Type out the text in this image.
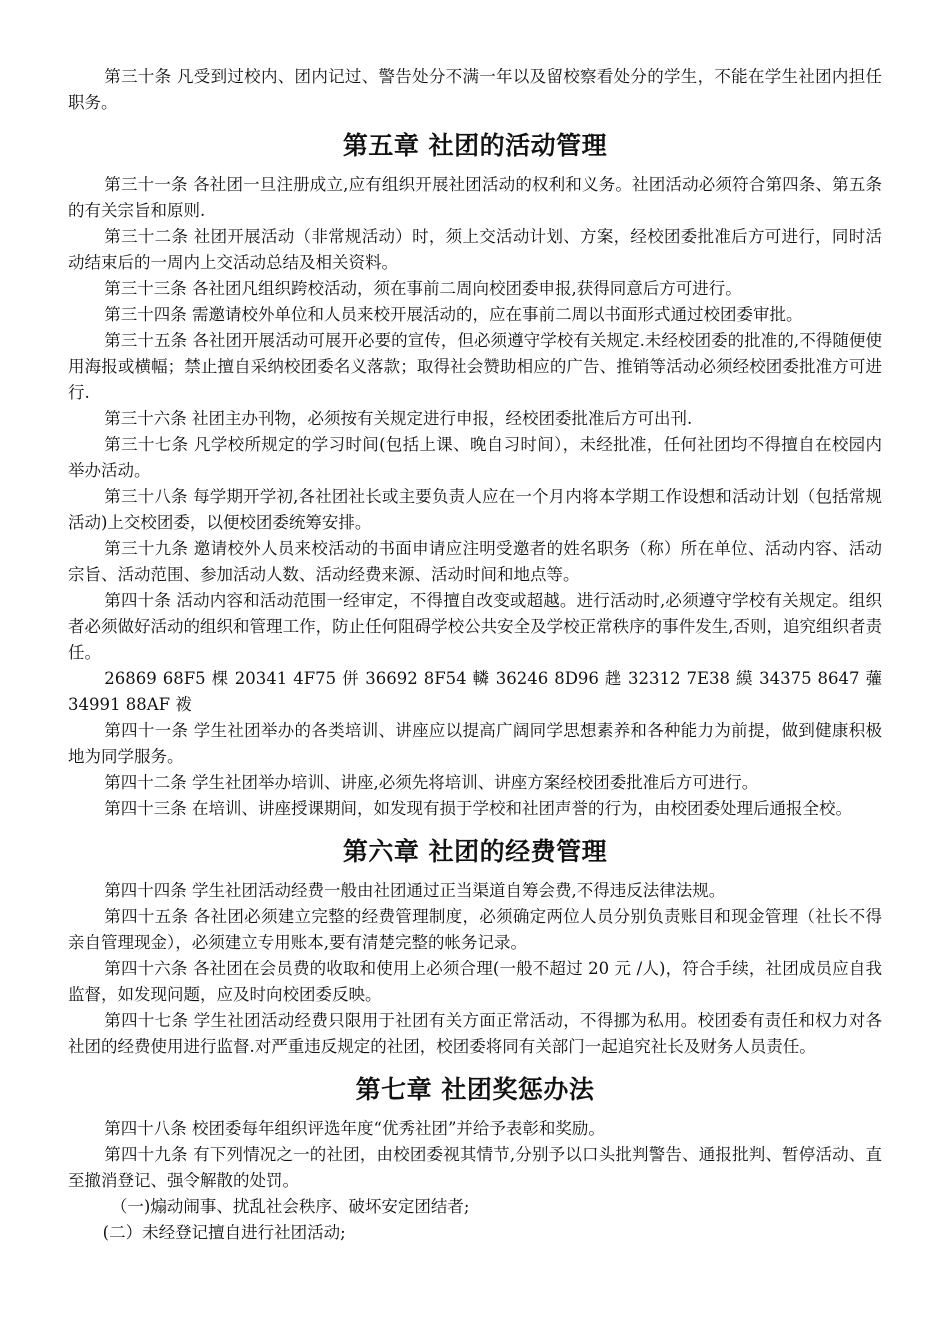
第三十条 凡受到过校内、团内记过、警告处分不满一年以及留校察看处分的学生，不能在学生社团内担任职务。

第五章 社团的活动管理

第三十一条 各社团一旦注册成立,应有组织开展社团活动的权利和义务。社团活动必须符合第四条、第五条的有关宗旨和原则.

第三十二条 社团开展活动（非常规活动）时，须上交活动计划、方案，经校团委批准后方可进行，同时活动结束后的一周内上交活动总结及相关资料。

第三十三条 各社团凡组织跨校活动，须在事前二周向校团委申报,获得同意后方可进行。

第三十四条 需邀请校外单位和人员来校开展活动的，应在事前二周以书面形式通过校团委审批。

第三十五条 各社团开展活动可展开必要的宣传，但必须遵守学校有关规定.未经校团委的批准的,不得随便使用海报或横幅；禁止擅自采纳校团委名义落款；取得社会赞助相应的广告、推销等活动必须经校团委批准方可进行.

第三十六条 社团主办刊物，必须按有关规定进行申报，经校团委批准后方可出刊.

第三十七条 凡学校所规定的学习时间(包括上课、晚自习时间），未经批准，任何社团均不得擅自在校园内举办活动。

第三十八条 每学期开学初,各社团社长或主要负责人应在一个月内将本学期工作设想和活动计划（包括常规活动)上交校团委，以便校团委统筹安排。

第三十九条 邀请校外人员来校活动的书面申请应注明受邀者的姓名职务（称）所在单位、活动内容、活动宗旨、活动范围、参加活动人数、活动经费来源、活动时间和地点等。

第四十条 活动内容和活动范围一经审定，不得擅自改变或超越。进行活动时,必须遵守学校有关规定。组织者必须做好活动的组织和管理工作，防止任何阻碍学校公共安全及学校正常秩序的事件发生,否则，追究组织者责任。

26869 68F5 棵 20341 4F75 併 36692 8F54 轔 36246 8D96 趖 32312 7E38 縸 34375 8647 虇 34991 88AF 袯

第四十一条 学生社团举办的各类培训、讲座应以提高广阔同学思想素养和各种能力为前提，做到健康积极地为同学服务。

第四十二条 学生社团举办培训、讲座,必须先将培训、讲座方案经校团委批准后方可进行。

第四十三条 在培训、讲座授课期间，如发现有损于学校和社团声誉的行为，由校团委处理后通报全校。

第六章 社团的经费管理

第四十四条 学生社团活动经费一般由社团通过正当渠道自筹会费,不得违反法律法规。

第四十五条 各社团必须建立完整的经费管理制度，必须确定两位人员分别负责账目和现金管理（社长不得亲自管理现金），必须建立专用账本,要有清楚完整的帐务记录。

第四十六条 各社团在会员费的收取和使用上必须合理(一般不超过 20 元 /人)，符合手续，社团成员应自我监督，如发现问题，应及时向校团委反映。

第四十七条 学生社团活动经费只限用于社团有关方面正常活动，不得挪为私用。校团委有责任和权力对各社团的经费使用进行监督.对严重违反规定的社团，校团委将同有关部门一起追究社长及财务人员责任。

第七章 社团奖惩办法

第四十八条 校团委每年组织评选年度“优秀社团”并给予表彰和奖励。

第四十九条 有下列情况之一的社团，由校团委视其情节,分别予以口头批判警告、通报批判、暂停活动、直至撤消登记、强令解散的处罚。

（一)煽动闹事、扰乱社会秩序、破坏安定团结者;

(二）未经登记擅自进行社团活动;
